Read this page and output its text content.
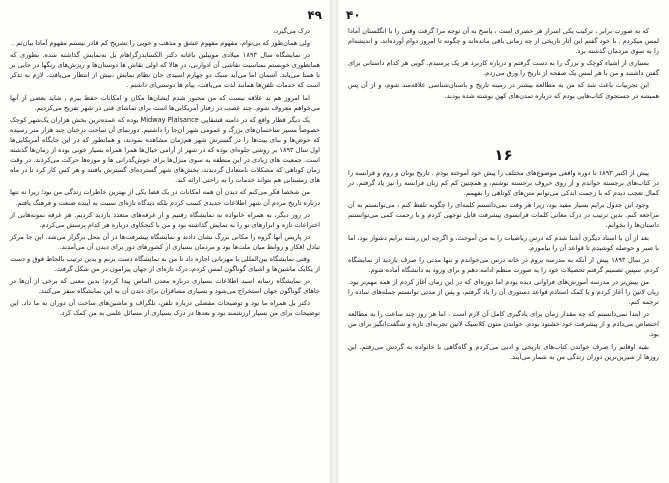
۴۹

درک می‌گیرد،

ولی همان‌طور که بی‌تو‌ام، مفهوم مفهوم عشق و مذهب و خویی را تشریح کم‌ قادر نیستم مفهوم آمادا بیان‌تم .

در نمایشگاه سال ۱۸۹۳ میلادی موبیلین باغانه دکتر الکساندرگراهام بل به‌نمایش گذاشته شده. بطوری که همانطوری خوبستم بمناسبت نقاشی آن ادوارنی، در هالا که اولی نقاش ها دوستان‌ها و ریزش‌های رنگها در جایی بر نا همتا می‌یابد. آسمان اما می‌آید سبک دو چهارم اسیدی جان نظام نمایش ،بیش از انتظار می‌یافت. لازم به تذکر است که خدمات تلفن‌ها همانند لذت می‌یافت، پیام ها دوستی‌ای داشتم .

اما امروز هم بد علاقه نیست که من مجبور شدم ایشان‌ها مکان و امکانات حفظ ببرم ، شاید بعضی از آنها می‌خواهم معروف شوم. چند عصب در رفتار آمریکایی‌ها است برای تماشای فنی در شهر تفریح می‌کردیم.

یک دیگر قطار واقع که در دامنه قشقایی Midway Plaisance بوده که عمده‌ترین بخش هزاران یک‌شهر کوچک خصوصاً مسیر ساختمان‌های بزرگ و عمومی شهر آن‌جا را داشتیم. دورنمای آن ساحت درختان چند هزار متر رسیده که حوض‌ها و بنای بیت‌ها را در گسترش شهر هم‌زمان مشاهده نمودند، و همانطور که در این جایگاه آمریکایی‌ها اول سال ۱۸۹۳ بر روشی جلوه‌ای بوده که در شهر از آرامی خیال‌ها همرا همراه بسیار خوبی بوده از زمان‌ها گذشته است. جمعیت های زیادی در این منطقه به سوی منزل‌ها برای خوش‌گذرانی ها و موزه‌ها حرکت می‌کردند. در وقت زمان کوتاهی که مشکلات نامتعادل گردیدند، بخش‌های شهر گسترده‌ای گسترش یافتند و هر کس کار کرد تا در ماه های زمستانی هم بتواند خدمات را به راحتی ارائه کند.

من شخصا فکر می‌کنم که دیدن آن همه امکانات در یک فضا یکی از بهترین خاطرات زندگی من بود؛ زیرا نه تنها درباره تاریخ مردم آن شهر اطلاعات جدیدی کسب کردم بلکه دیدگاه تازه‌ای نسبت به آینده صنعت و فرهنگ یافتم.

در روز دیگر، به همراه خانواده به نمایشگاه رفتیم و از غرفه‌های متعدد بازدید کردیم. هر غرفه نمونه‌هایی از اختراعات تازه و ابزارهای نو را به نمایش گذاشته بود و من با کنجکاوی درباره هر کدام پرسش می‌کردم.

در پاریس آنها گروه را مکانی بزرگ نشان دادند و نمایشگاه پیشرفت‌ها در آن محل برگزار می‌شد. این جا مرکز تبادل افکار و روابط میان ملت‌ها بود و مردمان بسیاری از کشورهای دور برای دیدن آن می‌آمدند.

وقتی نمایشگاه بین‌المللی با مهربانی اجازه داد تا من به نمایشگاه دست بزنم و بدین ترتیب بالحاظ فوق و دست از یکایک ماشین‌ها و اشیای گوناگون لمس کردم، درک تازه‌ای از جهان پیرامون در من شکل گرفت.

در نمایشگاه رسانه اسید اطلاعات بسیاری درباره معدن الماس پیدا کردم؛ بدین معنی که برخی از آن‌ها در جاهای گوناگون جهان استخراج می‌شود و بسیاری مسافران برای دیدن آن به این نمایشگاه سفر می‌کنند.

دکتر بل همراه ما بود و توضیحات مفصلی درباره تلفن، تلگراف و ماشین‌های ساخت آن دوران به ما داد. این توضیحات برای من بسیار ارزشمند بود و بعدها در درک بسیاری از مسائل علمی به من کمک کرد.

۴۰

که به صورت برابر ، ترکیب یکی اسرار هر حصری است ، پاسخ به آن توجه مرا گرفت وقتی را با انگلستان آمادا لمس میکردم . با خود گفتم این آثار تاریخی از چه زمانی باقی مانده‌اند و چگونه تا امروز دوام آورده‌اند، و اندیشه‌ام را به سوی مردمان گذشته برد.

بسیاری از اشیاء کوچک و بزرگ را به دست گرفتم و درباره کاربرد هر یک پرسیدم. گویی هر کدام داستانی برای گفتن داشتند و من با هر لمس یک صفحه از تاریخ را ورق می‌زدم.

این تجربیات باعث شد که من به مطالعه بیشتر در زمینه تاریخ و باستان‌شناسی علاقه‌مند شوم، و از آن پس همیشه در جستجوی کتاب‌هایی بودم که درباره تمدن‌های کهن نوشته شده بودند.

۱۶

پیش از اکتبر ۱۸۹۳ تا دوره واقعی موضوع‌های مختلف را پیش خود آموخته بودم . تاریخ یونان و روم و فرانسه را در کتاب‌های برجسته خواندم و از روی حروف برجسته نوشتم، و همچنین کم کم زبان فرانسه را نیز یاد گرفتم. در کمال تعجب دیدم که با زحمت اندکی می‌توانم متن‌های کوتاهی را بفهمم.

وجود این جدول برایم بسیار مفید بود، زیرا هر وقت نمی‌دانستم کلمه‌ای را چگونه تلفظ کنم ، می‌توانستم به آن مراجعه کنم. بدین ترتیب در درک معانی کلمات فرانسوی پیشرفت قابل توجهی کردم و با زحمت کمی می‌توانستم داستان‌ها را بخوانم.

بعد از آن با استاد دیگری آشنا شدم که درس ریاضیات را به من آموخت، و اگرچه این رشته برایم دشوار بود، اما با صبر و حوصله کوشیدم تا قواعد آن را بیاموزم.

در سال ۱۸۹۳ پیش از آنکه به مدرسه بروم در خانه درس می‌خواندم و تنها مدتی را صرف بازدید از نمایشگاه کردم. سپس تصمیم گرفتم تحصیلات خود را به صورت منظم ادامه دهم و برای ورود به دانشگاه آماده شوم.

من پیش‌تر در مدرسه آموزش‌های فراوانی دیده بودم اما دوره‌ای که در این زمان آغاز کردم از همه مهم‌تر بود. زبان لاتین را آغاز کردم و با کمک استادم قواعد دستوری آن را یاد گرفتم، و پس از مدتی توانستم جمله‌های ساده را ترجمه کنم.

در ابتدا نمی‌دانستم که چه مقدار زمان برای یادگیری کامل آن لازم است ، اما هر روز چند ساعت را به مطالعه اختصاص می‌دادم و از پیشرفت خود خشنود بودم. خواندن متون کلاسیک لاتین تجربه‌ای تازه و شگفت‌انگیز برای من بود.

بقیه اوقاتم را صرف خواندن کتاب‌های تاریخی و ادبی می‌کردم و گاه‌گاهی با خانواده به گردش می‌رفتم. این روزها از شیرین‌ترین دوران زندگی من به شمار می‌آیند.
